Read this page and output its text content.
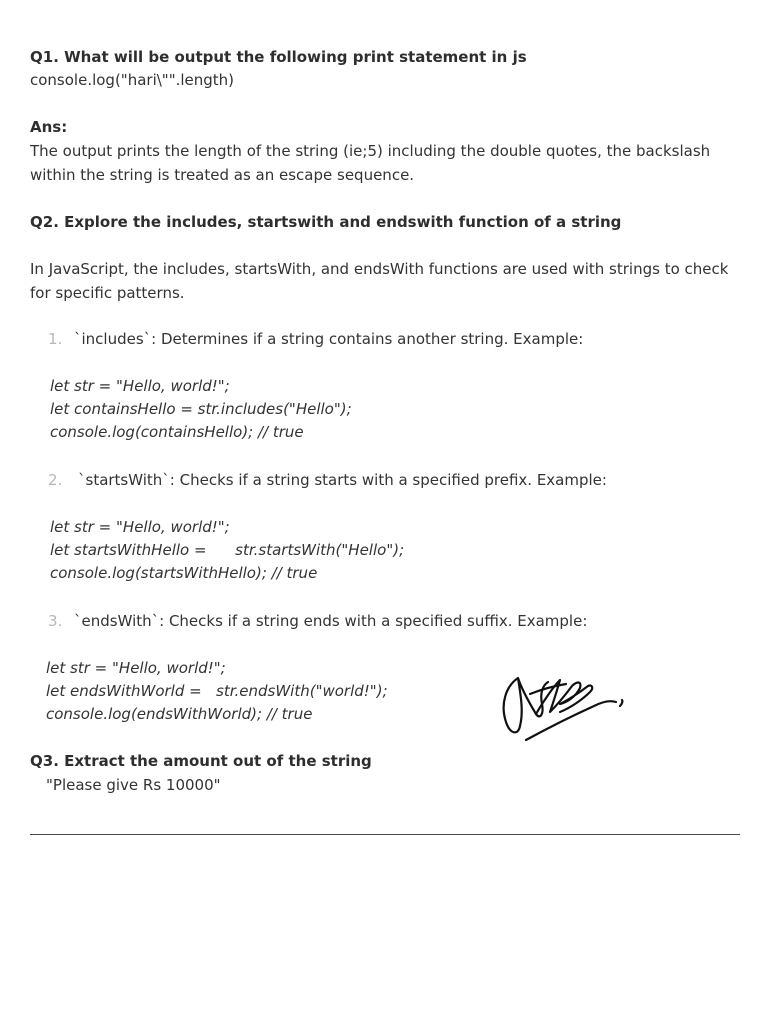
Q1. What will be output the following print statement in js
console.log("hari\"".length)
Ans:
The output prints the length of the string (ie;5) including the double quotes, the backslash within the string is treated as an escape sequence.
Q2. Explore the includes, startswith and endswith function of a string
In JavaScript, the includes, startsWith, and endsWith functions are used with strings to check for specific patterns.
1. `includes`: Determines if a string contains another string. Example:
let str = "Hello, world!";
let containsHello = str.includes("Hello");
console.log(containsHello); // true
2. `startsWith`: Checks if a string starts with a specified prefix. Example:
let str = "Hello, world!";
let startsWithHello =      str.startsWith("Hello");
console.log(startsWithHello); // true
3. `endsWith`: Checks if a string ends with a specified suffix. Example:
let str = "Hello, world!";
let endsWithWorld =   str.endsWith("world!");
console.log(endsWithWorld); // true
Q3. Extract the amount out of the string
"Please give Rs 10000"
